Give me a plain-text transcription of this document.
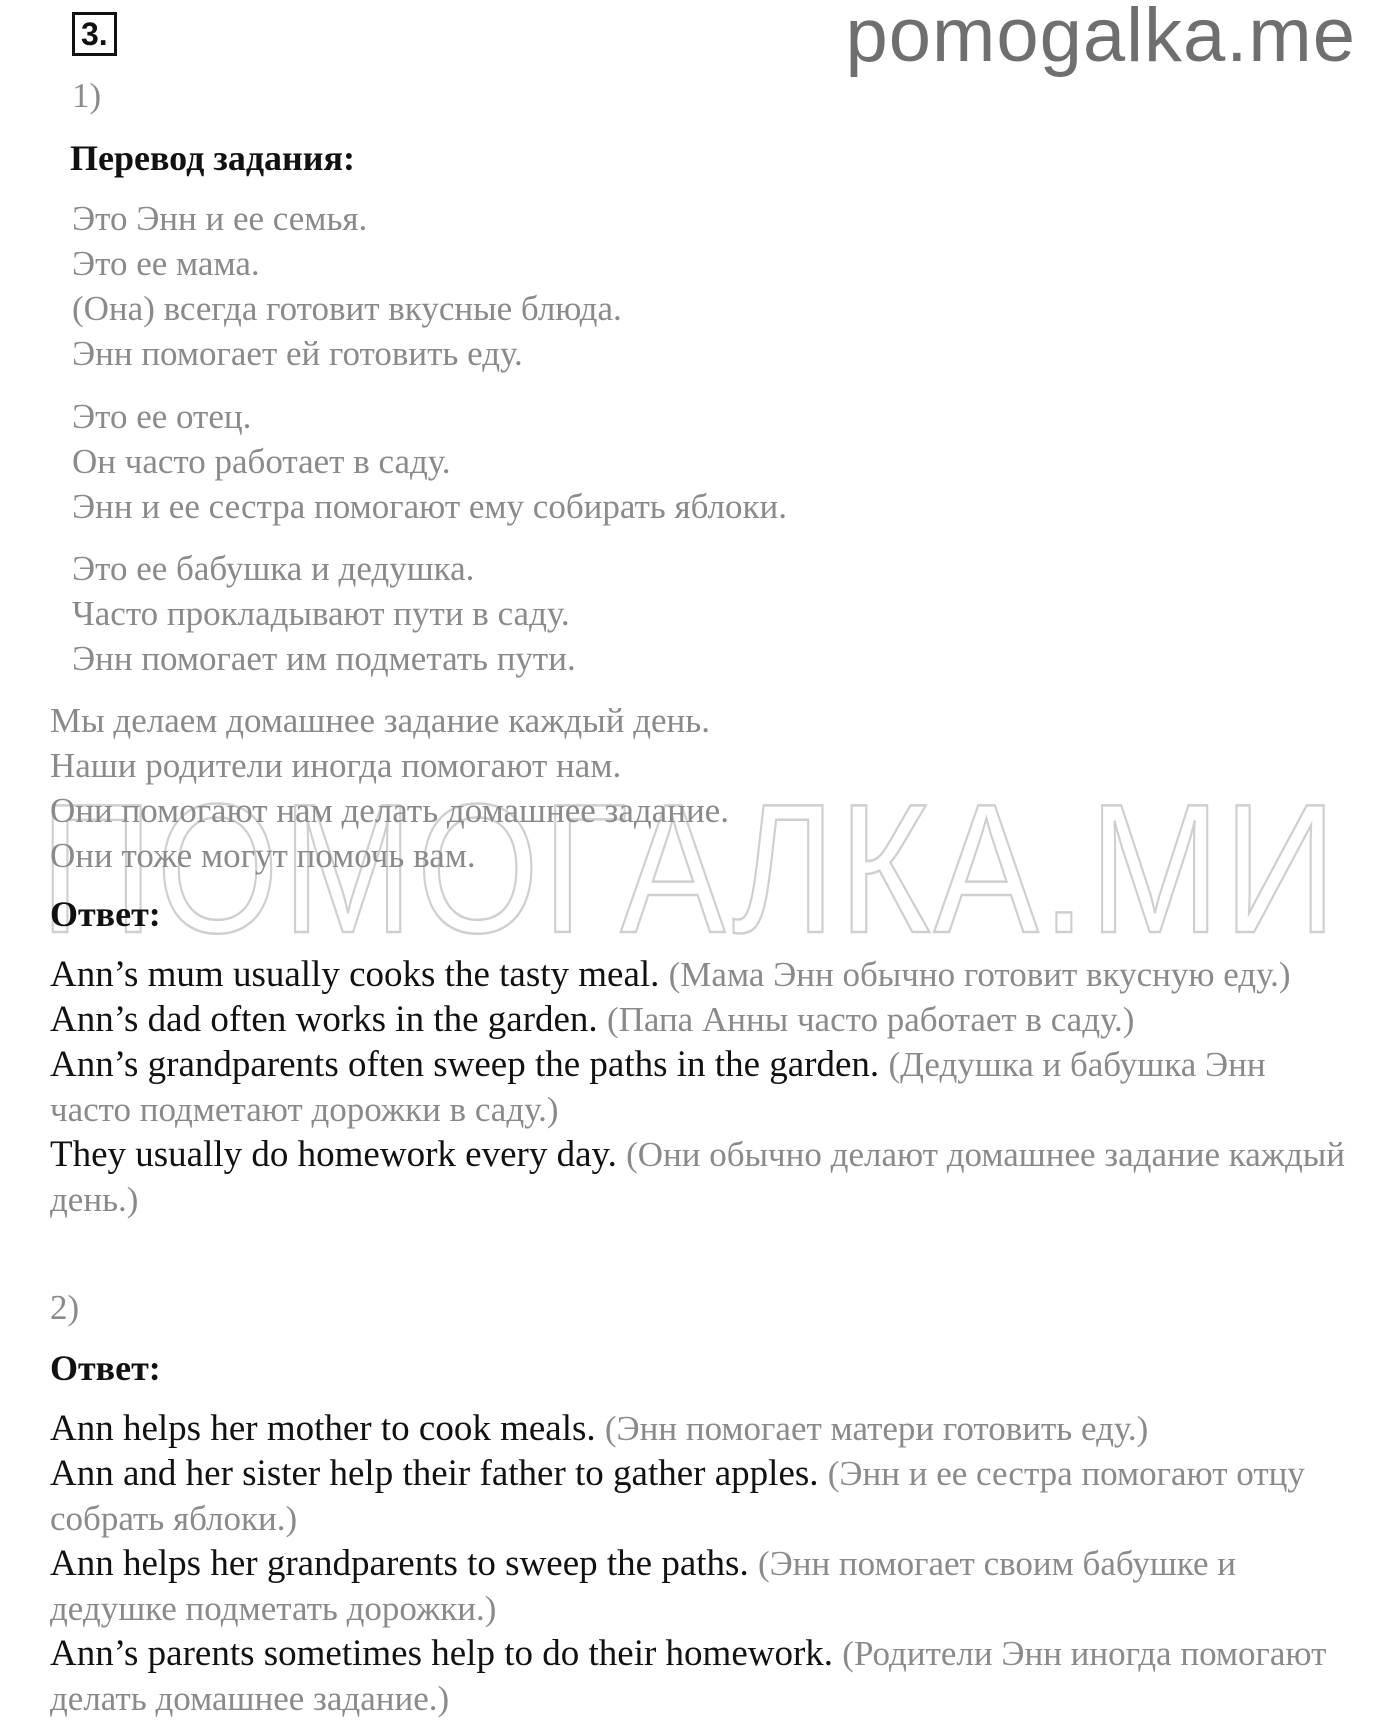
3.	pomogalka.me
ПОМОГАЛКА.МИ
1)
Перевод задания:
Это Энн и ее семья.
Это ее мама.
(Она) всегда готовит вкусные блюда.
Энн помогает ей готовить еду.
Это ее отец.
Он часто работает в саду.
Энн и ее сестра помогают ему собирать яблоки.
Это ее бабушка и дедушка.
Часто прокладывают пути в саду.
Энн помогает им подметать пути.
Мы делаем домашнее задание каждый день.
Наши родители иногда помогают нам.
Они помогают нам делать домашнее задание.
Они тоже могут помочь вам.
Ответ:

Ann’s mum usually cooks the tasty meal. (Мама Энн обычно готовит вкусную еду.)

Ann’s dad often works in the garden. (Папа Анны часто работает в саду.)

Ann’s grandparents often sweep the paths in the garden. (Дедушка и бабушка Энн часто подметают дорожки в саду.)

They usually do homework every day. (Они обычно делают домашнее задание каждый день.)

2)
Ответ:

Ann helps her mother to cook meals. (Энн помогает матери готовить еду.)

Ann and her sister help their father to gather apples. (Энн и ее сестра помогают отцу собрать яблоки.)

Ann helps her grandparents to sweep the paths. (Энн помогает своим бабушке и дедушке подметать дорожки.)

Ann’s parents sometimes help to do their homework. (Родители Энн иногда помогают делать домашнее задание.)
